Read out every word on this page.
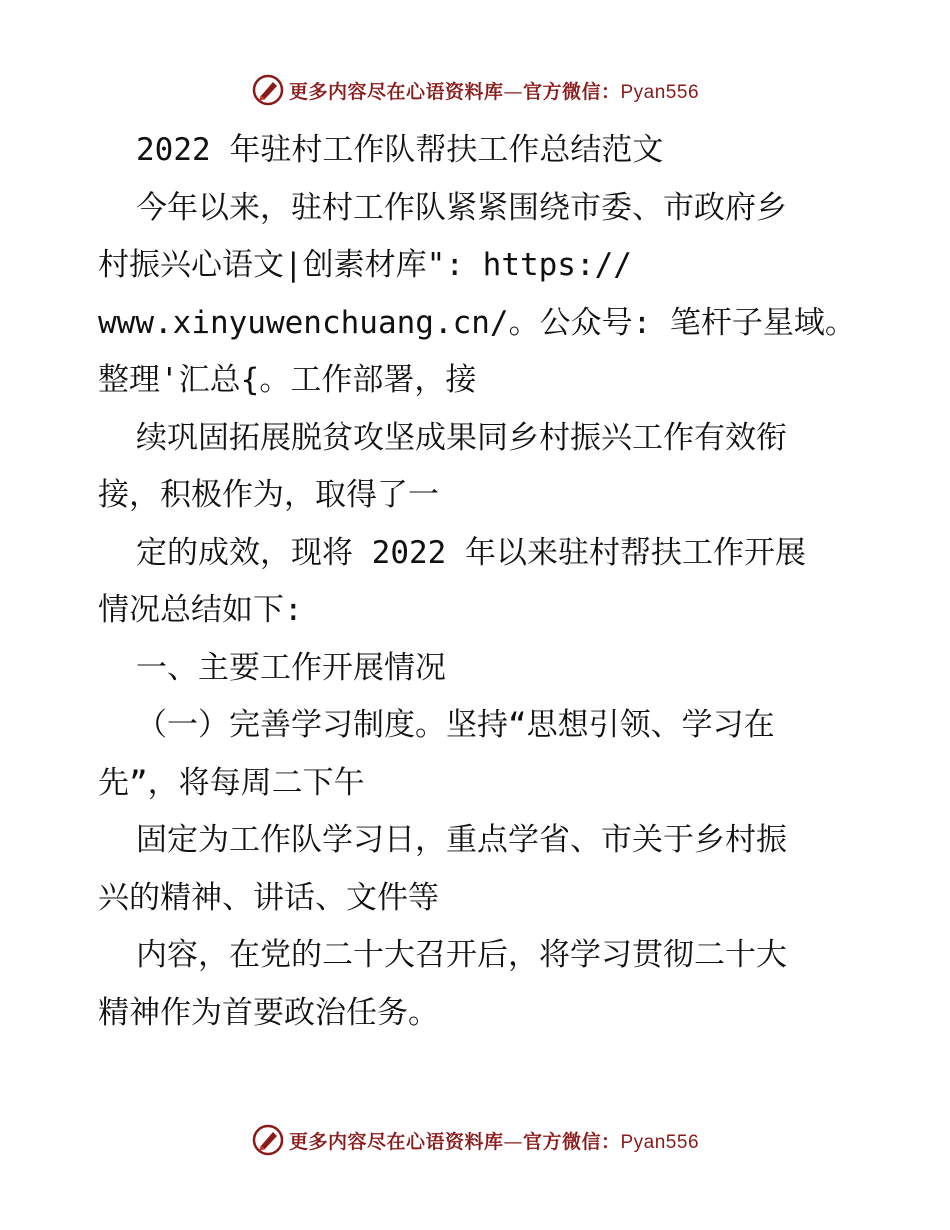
更多内容尽在心语资料库—官方微信：Pyan556

2022 年驻村工作队帮扶工作总结范文

今年以来，驻村工作队紧紧围绕市委、市政府乡

村振兴心语文|创素材库": https://

www.xinyuwenchuang.cn/。公众号: 笔杆子星域。

整理'汇总{。工作部署，接

续巩固拓展脱贫攻坚成果同乡村振兴工作有效衔

接，积极作为，取得了一

定的成效，现将 2022 年以来驻村帮扶工作开展

情况总结如下:

一、主要工作开展情况

（一）完善学习制度。坚持“思想引领、学习在

先”，将每周二下午

固定为工作队学习日，重点学省、市关于乡村振

兴的精神、讲话、文件等

内容，在党的二十大召开后，将学习贯彻二十大

精神作为首要政治任务。

更多内容尽在心语资料库—官方微信：Pyan556
